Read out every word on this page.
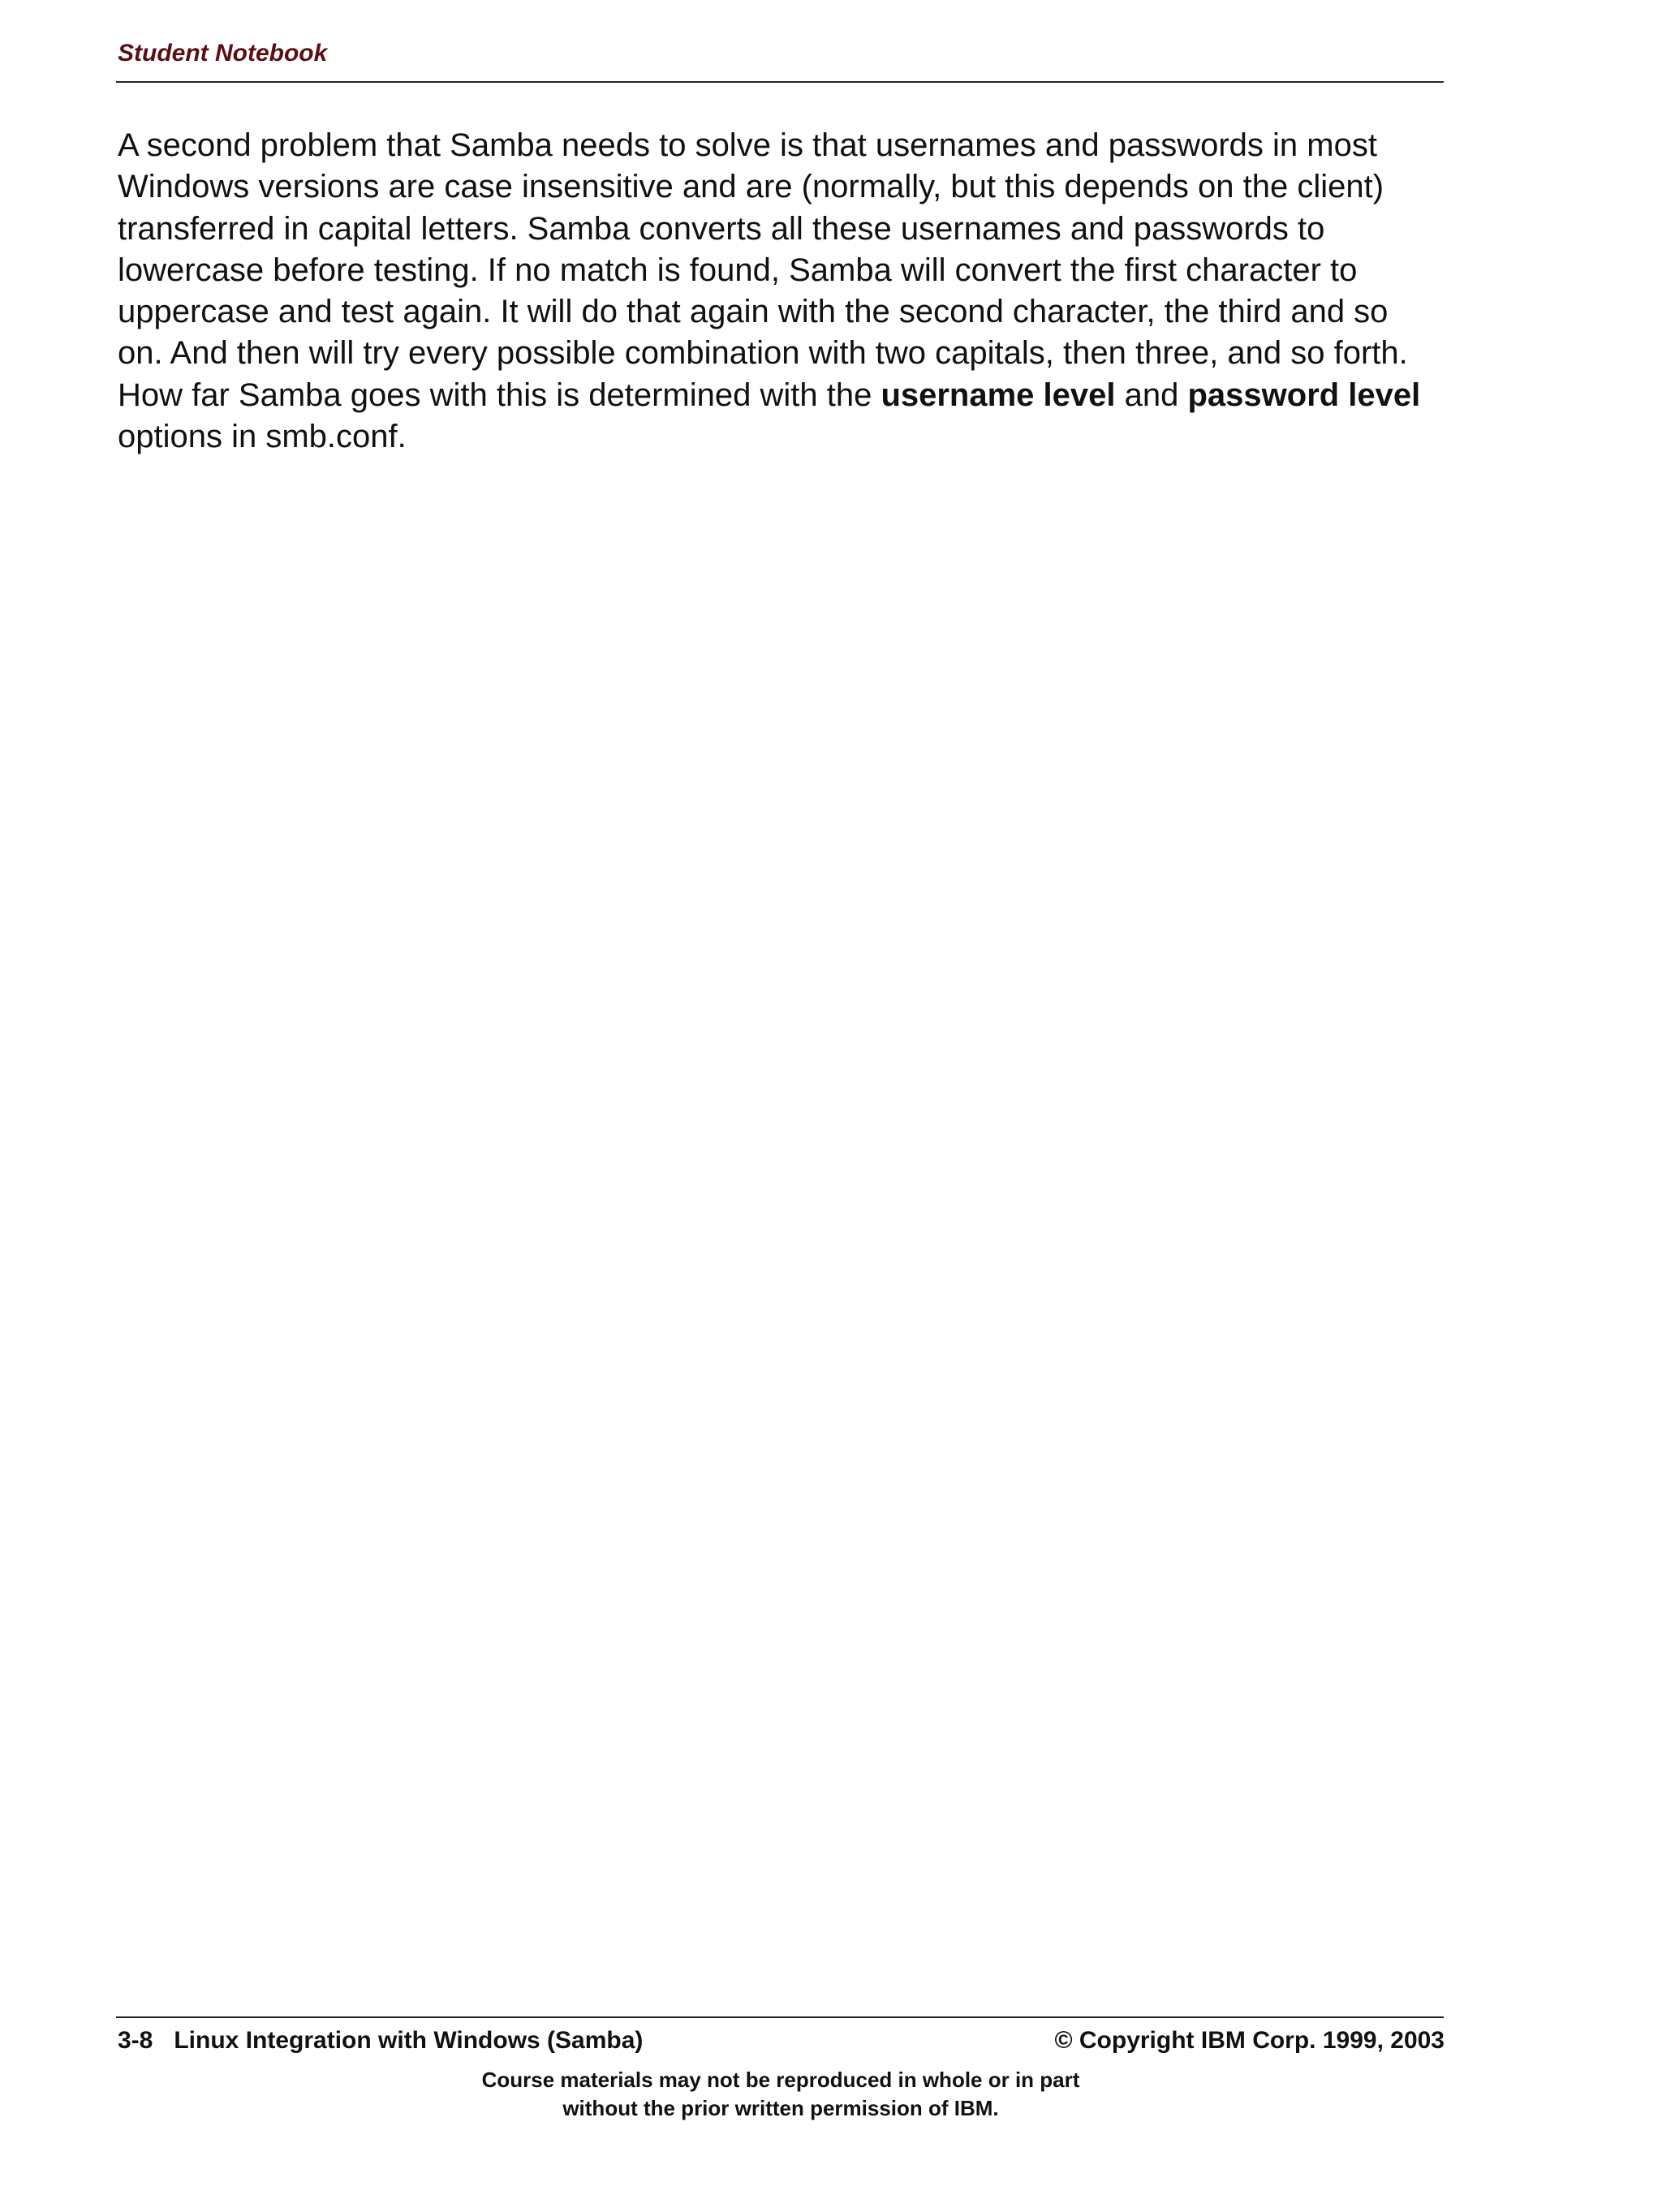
Student Notebook
A second problem that Samba needs to solve is that usernames and passwords in most
Windows versions are case insensitive and are (normally, but this depends on the client)
transferred in capital letters. Samba converts all these usernames and passwords to
lowercase before testing. If no match is found, Samba will convert the first character to
uppercase and test again. It will do that again with the second character, the third and so
on. And then will try every possible combination with two capitals, then three, and so forth.
How far Samba goes with this is determined with the username level and password level
options in smb.conf.
3-8 Linux Integration with Windows (Samba)	© Copyright IBM Corp. 1999, 2003
Course materials may not be reproduced in whole or in part
without the prior written permission of IBM.
